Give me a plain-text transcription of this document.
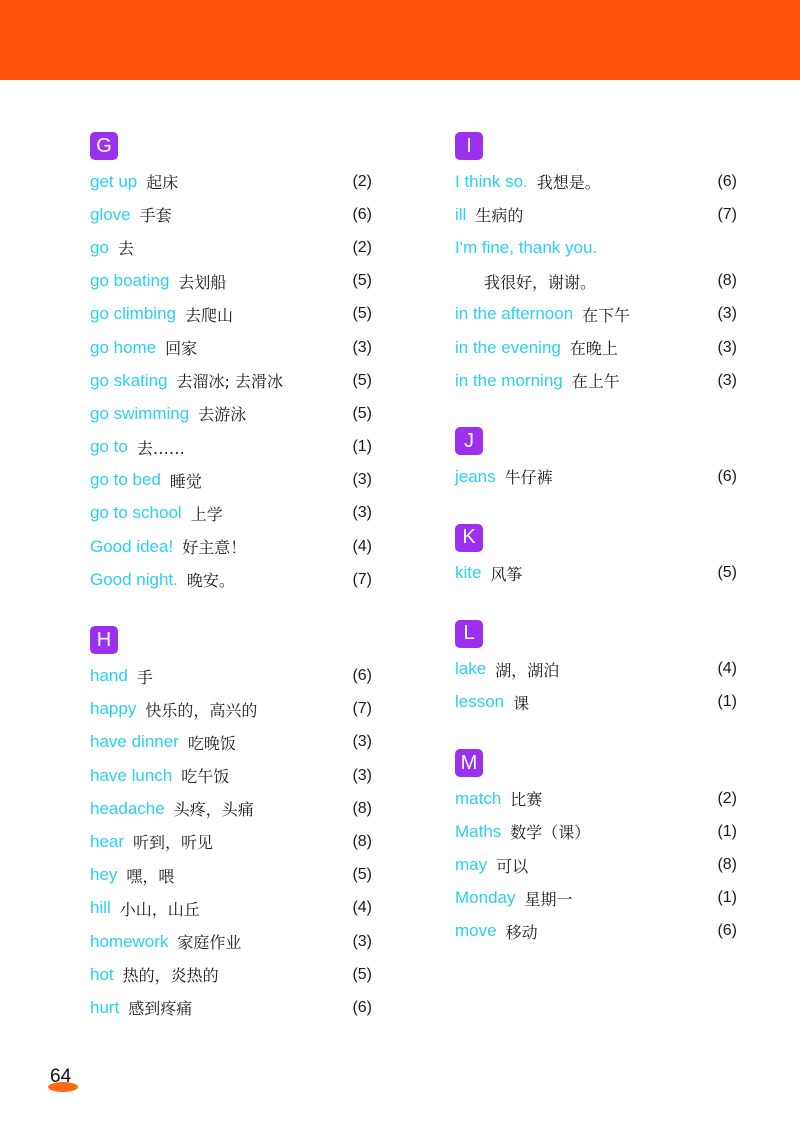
G
get up 起床	(2)
glove 手套	(6)
go 去	(2)
go boating 去划船	(5)
go climbing 去爬山	(5)
go home 回家	(3)
go skating 去溜冰; 去滑冰	(5)
go swimming 去游泳	(5)
go to 去……	(1)
go to bed 睡觉	(3)
go to school 上学	(3)
Good idea! 好主意！	(4)
Good night. 晚安。	(7)
H
hand 手	(6)
happy 快乐的，高兴的	(7)
have dinner 吃晚饭	(3)
have lunch 吃午饭	(3)
headache 头疼，头痛	(8)
hear 听到，听见	(8)
hey 嘿，喂	(5)
hill 小山，山丘	(4)
homework 家庭作业	(3)
hot 热的，炎热的	(5)
hurt 感到疼痛	(6)
I
I think so. 我想是。	(6)
ill 生病的	(7)
I'm fine, thank you.
我很好，谢谢。	(8)
in the afternoon 在下午	(3)
in the evening 在晚上	(3)
in the morning 在上午	(3)
J
jeans 牛仔裤	(6)
K
kite 风筝	(5)
L
lake 湖，湖泊	(4)
lesson 课	(1)
M
match 比赛	(2)
Maths 数学（课）	(1)
may 可以	(8)
Monday 星期一	(1)
move 移动	(6)
64
